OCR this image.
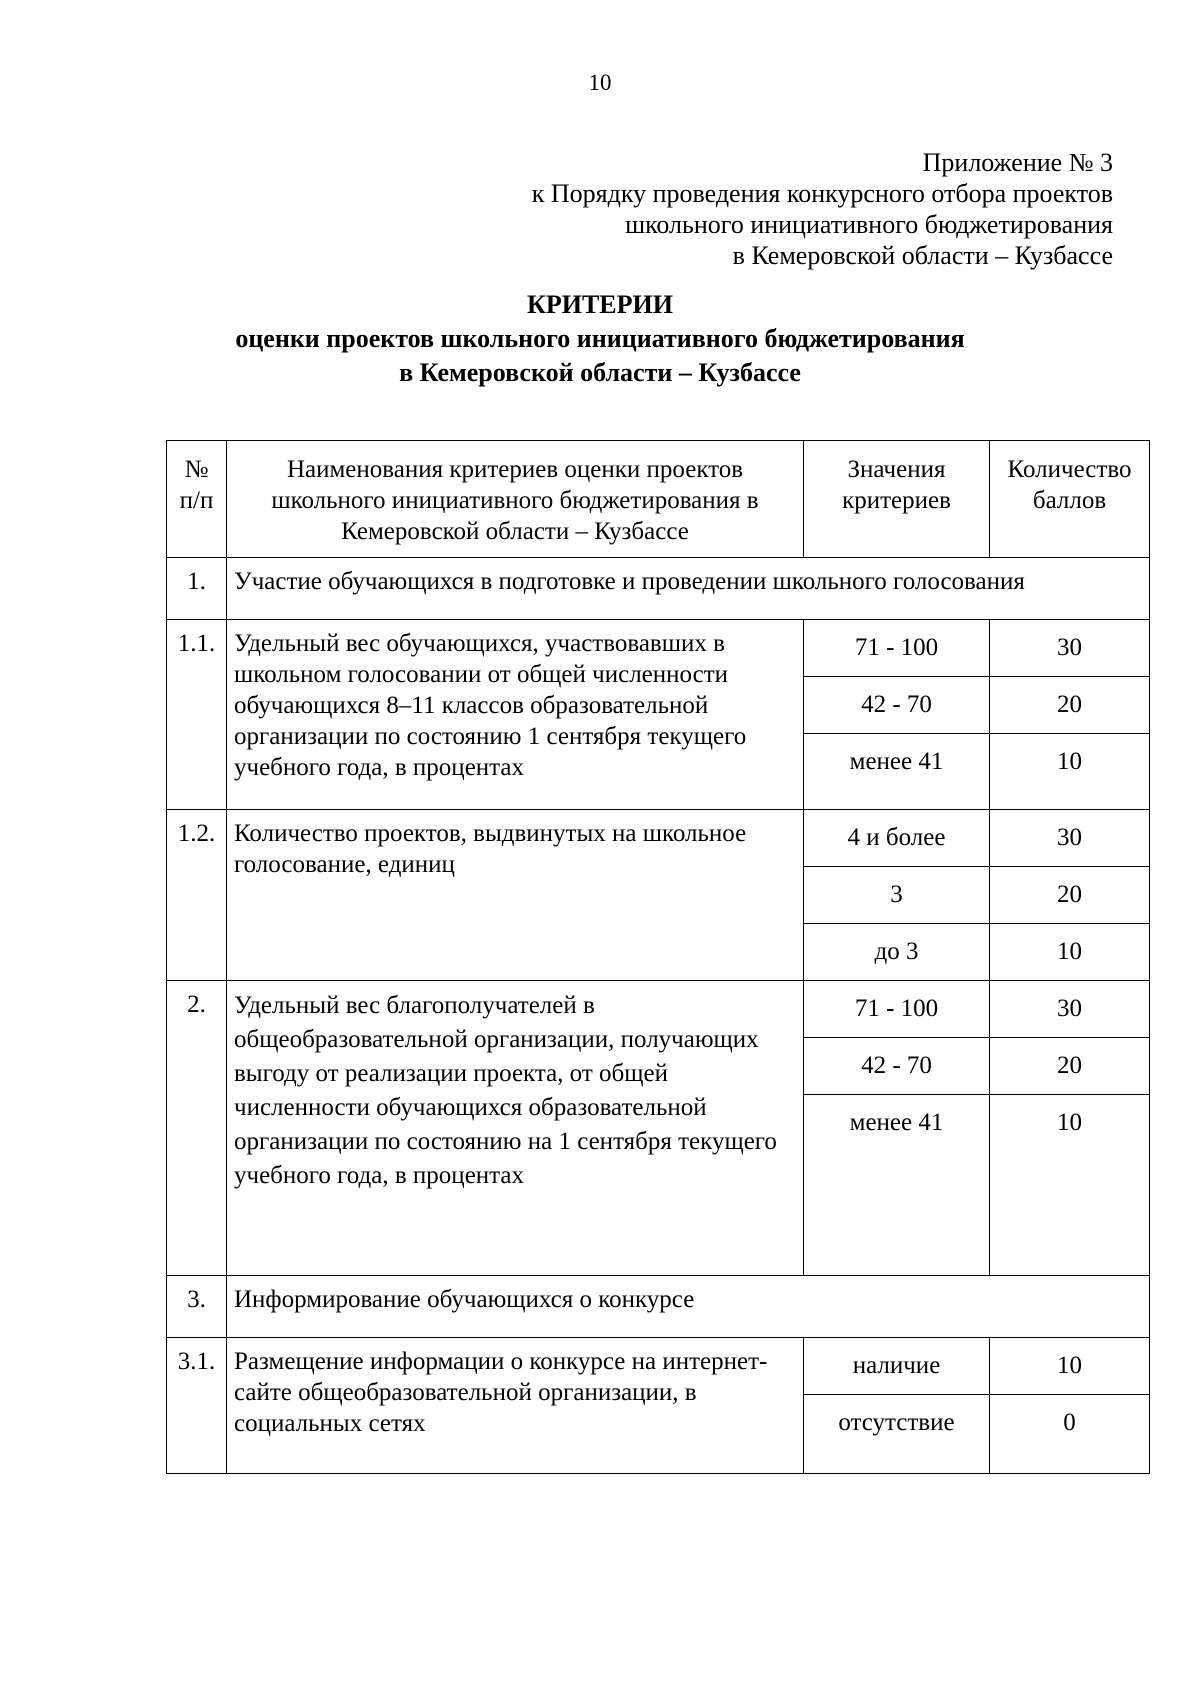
10
Приложение № 3
к Порядку проведения конкурсного отбора проектов
школьного инициативного бюджетирования
в Кемеровской области – Кузбассе
КРИТЕРИИ
оценки проектов школьного инициативного бюджетирования
в Кемеровской области – Кузбассе
№ п/п	Наименования критериев оценки проектов школьного инициативного бюджетирования в Кемеровской области – Кузбассе	Значения критериев	Количество баллов
1.	Участие обучающихся в подготовке и проведении школьного голосования		
1.1.	Удельный вес обучающихся, участвовавших в школьном голосовании от общей численности обучающихся 8–11 классов образовательной организации по состоянию 1 сентября текущего учебного года, в процентах	71 - 100	30
		42 - 70	20
		менее 41	10
1.2.	Количество проектов, выдвинутых на школьное голосование, единиц	4 и более	30
		3	20
		до 3	10
2.	Удельный вес благополучателей в общеобразовательной организации, получающих выгоду от реализации проекта, от общей численности обучающихся образовательной организации по состоянию на 1 сентября текущего учебного года, в процентах	71 - 100	30
		42 - 70	20
		менее 41	10
3.	Информирование обучающихся о конкурсе		
3.1.	Размещение информации о конкурсе на интернет-сайте общеобразовательной организации, в социальных сетях	наличие	10
		отсутствие	0
